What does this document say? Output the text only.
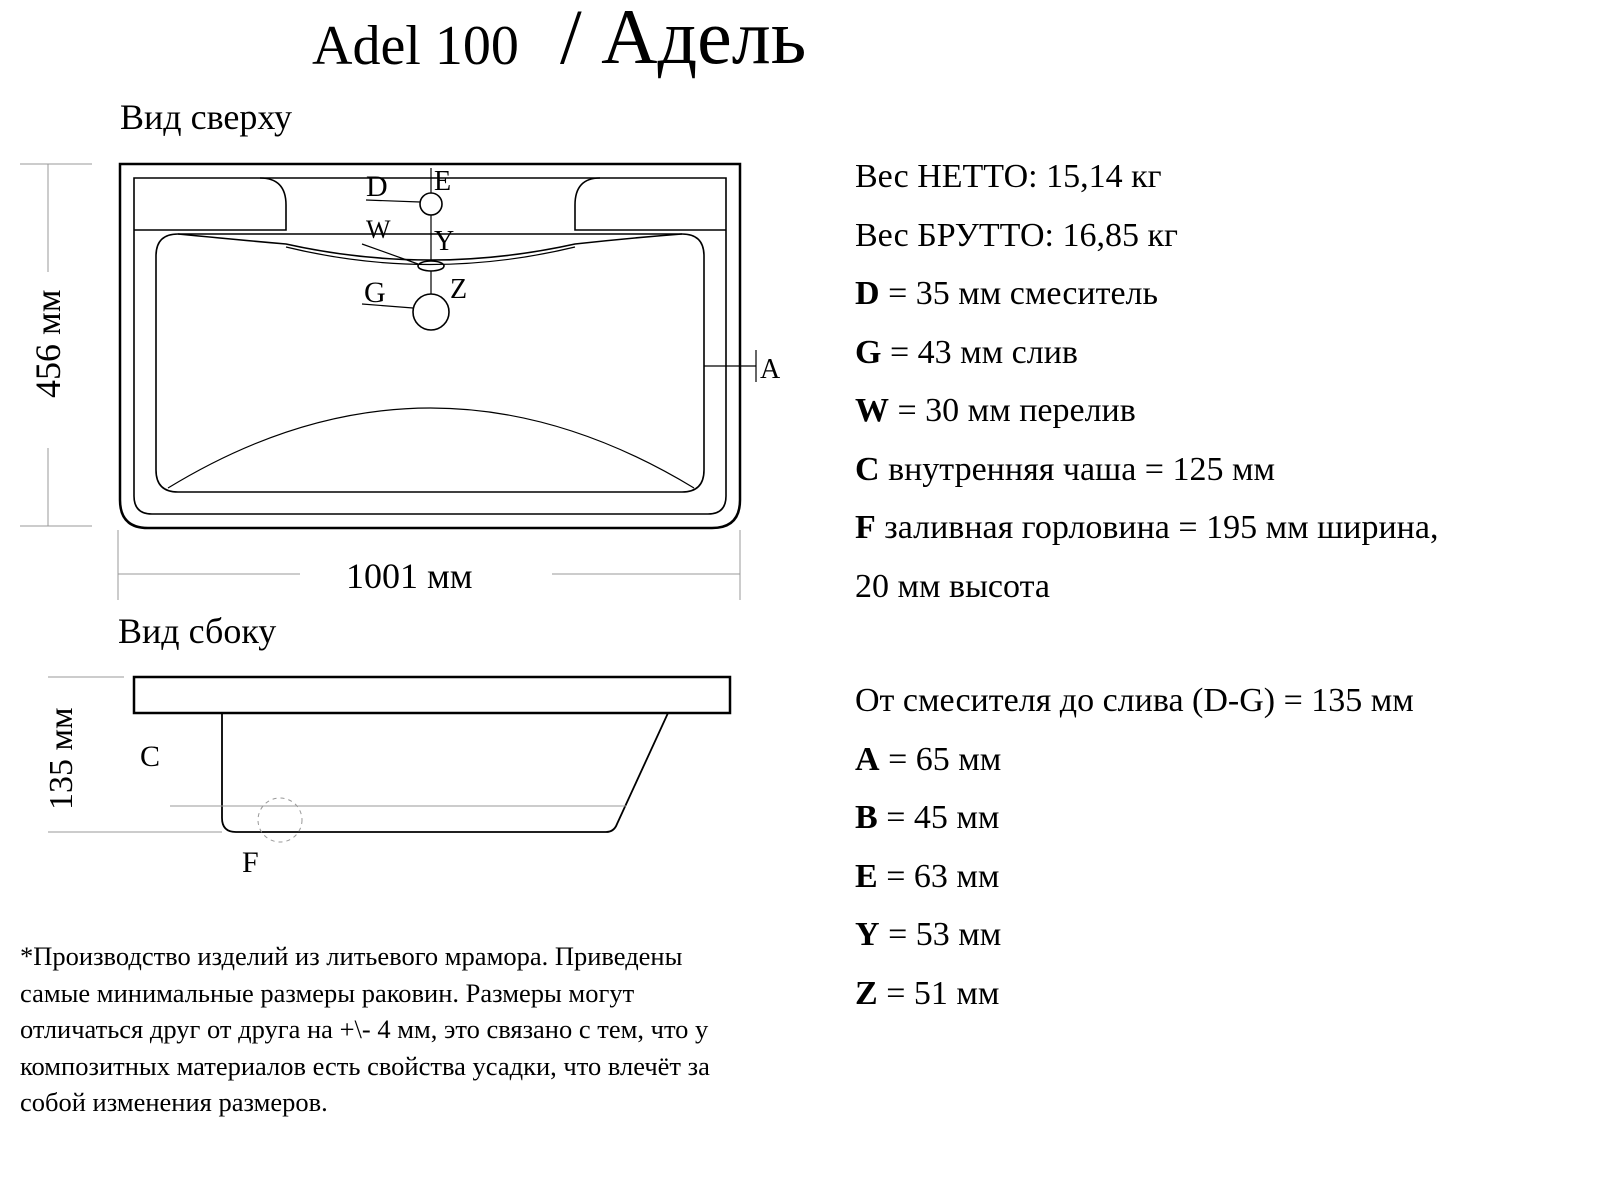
Adel 100 / Адель
Вид сверху
Вид сбоку
D E
W Y
Z
G
A
1001 мм
456 мм
C
F
135 мм
Вес НЕТТО: 15,14 кг
Вес БРУТТО: 16,85 кг
D = 35 мм смеситель
G = 43 мм слив
W = 30 мм перелив
C внутренняя чаша = 125 мм
F заливная горловина = 195 мм ширина,
20 мм высота
От смесителя до слива (D-G) = 135 мм
A = 65 мм
B = 45 мм
E = 63 мм
Y = 53 мм
Z = 51 мм

*Производство изделий из литьевого мрамора. Приведены

самые минимальные размеры раковин. Размеры могут

отличаться друг от друга на +\- 4 мм, это связано с тем, что у

композитных материалов есть свойства усадки, что влечёт за

собой изменения размеров.
